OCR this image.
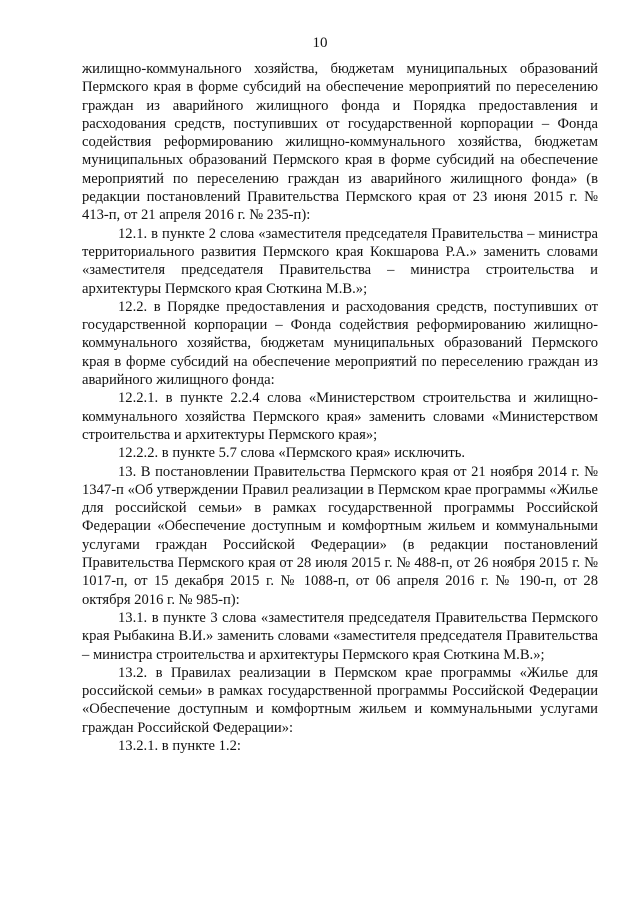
10

жилищно-коммунального хозяйства, бюджетам муниципальных образований Пермского края в форме субсидий на обеспечение мероприятий по переселению граждан из аварийного жилищного фонда и Порядка предоставления и расходования средств, поступивших от государственной корпорации – Фонда содействия реформированию жилищно-коммунального хозяйства, бюджетам муниципальных образований Пермского края в форме субсидий на обеспечение мероприятий по переселению граждан из аварийного жилищного фонда» (в редакции постановлений Правительства Пермского края от 23 июня 2015 г. № 413-п, от 21 апреля 2016 г. № 235-п):

12.1. в пункте 2 слова «заместителя председателя Правительства – министра территориального развития Пермского края Кокшарова Р.А.» заменить словами «заместителя председателя Правительства – министра строительства и архитектуры Пермского края Сюткина М.В.»;

12.2. в Порядке предоставления и расходования средств, поступивших от государственной корпорации – Фонда содействия реформированию жилищно-коммунального хозяйства, бюджетам муниципальных образований Пермского края в форме субсидий на обеспечение мероприятий по переселению граждан из аварийного жилищного фонда:

12.2.1. в пункте 2.2.4 слова «Министерством строительства и жилищно-коммунального хозяйства Пермского края» заменить словами «Министерством строительства и архитектуры Пермского края»;

12.2.2. в пункте 5.7 слова «Пермского края» исключить.

13. В постановлении Правительства Пермского края от 21 ноября 2014 г. № 1347-п «Об утверждении Правил реализации в Пермском крае программы «Жилье для российской семьи» в рамках государственной программы Российской Федерации «Обеспечение доступным и комфортным жильем и коммунальными услугами граждан Российской Федерации» (в редакции постановлений Правительства Пермского края от 28 июля 2015 г. № 488-п, от 26 ноября 2015 г. № 1017-п, от 15 декабря 2015 г. № 1088-п, от 06 апреля 2016 г. № 190-п, от 28 октября 2016 г. № 985-п):

13.1. в пункте 3 слова «заместителя председателя Правительства Пермского края Рыбакина В.И.» заменить словами «заместителя председателя Правительства – министра строительства и архитектуры Пермского края Сюткина М.В.»;

13.2. в Правилах реализации в Пермском крае программы «Жилье для российской семьи» в рамках государственной программы Российской Федерации «Обеспечение доступным и комфортным жильем и коммунальными услугами граждан Российской Федерации»:

13.2.1. в пункте 1.2:
